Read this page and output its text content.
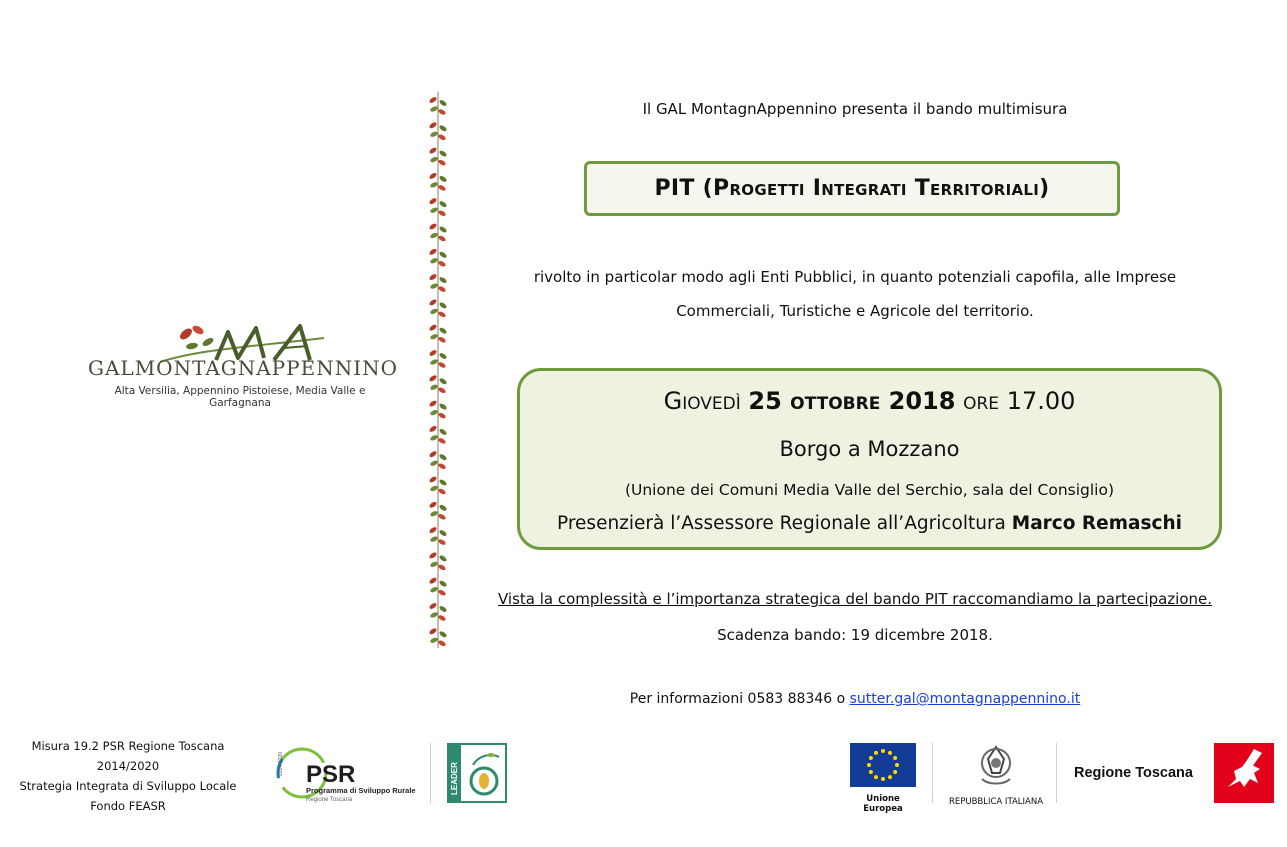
GALMONTAGNAPPENNINO
Alta Versilia, Appennino Pistoiese, Media Valle e Garfagnana
Il GAL MontagnAppennino presenta il bando multimisura
PIT (Progetti Integrati Territoriali)
rivolto in particolar modo agli Enti Pubblici, in quanto potenziali capofila, alle Imprese
Commerciali, Turistiche e Agricole del territorio.
Giovedì 25 ottobre 2018 ore 17.00
Borgo a Mozzano
(Unione dei Comuni Media Valle del Serchio, sala del Consiglio)
Presenzierà l’Assessore Regionale all’Agricoltura Marco Remaschi
Vista la complessità e l’importanza strategica del bando PIT raccomandiamo la partecipazione.
Scadenza bando: 19 dicembre 2018.
Per informazioni 0583 88346 o sutter.gal@montagnappennino.it
Misura 19.2 PSR Regione Toscana 2014/2020
Strategia Integrata di Sviluppo Locale
Fondo FEASR
2014-2020 PSR
Programma di Sviluppo Rurale
Regione Toscana
LEADER
Unione Europea
REPUBBLICA ITALIANA
Regione Toscana
